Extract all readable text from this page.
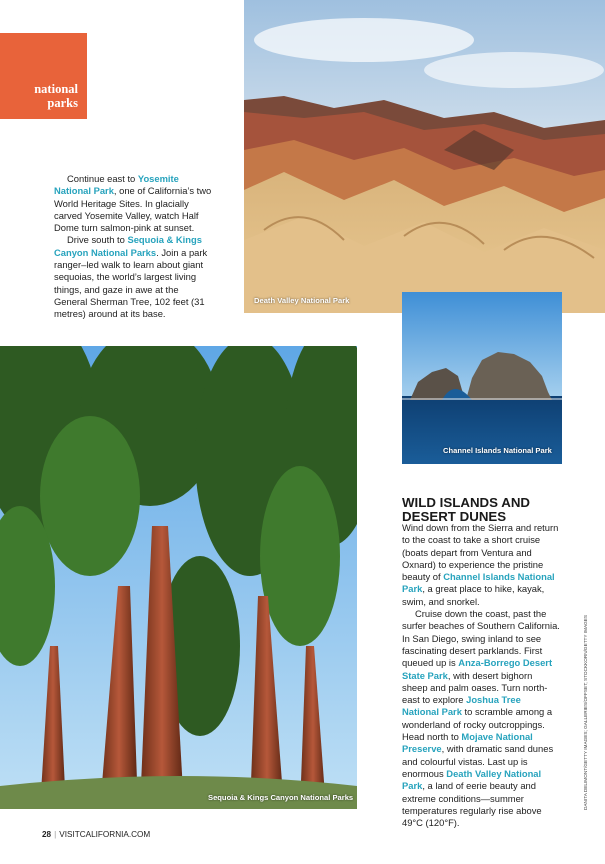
national
parks

Continue east to Yosemite National Park, one of California’s two World Heritage Sites. In glacially carved Yosemite Valley, watch Half Dome turn salmon-pink at sunset.

Drive south to Sequoia & Kings Canyon National Parks. Join a park ranger–led walk to learn about giant sequoias, the world’s largest living things, and gaze in awe at the General Sherman Tree, 102 feet (31 metres) around at its base.

Death Valley National Park
Channel Islands National Park
Sequoia & Kings Canyon National Parks
WILD ISLANDS AND DESERT DUNES

Wind down from the Sierra and return to the coast to take a short cruise (boats depart from Ventura and Oxnard) to experience the pristine beauty of Channel Islands National Park, a great place to hike, kayak, swim, and snorkel.

Cruise down the coast, past the surfer beaches of Southern California. In San Diego, swing inland to see fascinating desert parklands. First queued up is Anza-Borrego Desert State Park, with desert bighorn sheep and palm oases. Turn north-east to explore Joshua Tree National Park to scramble among a wonderland of rocky outcroppings. Head north to Mojave National Preserve, with dramatic sand dunes and colourful vistas. Last up is enormous Death Valley National Park, a land of eerie beauty and extreme conditions—summer temperatures regularly rise above 49°C (120°F).

DANITA DELIMONT/GETTY IMAGES; GALLERIES/OFFSET; STOCKKORN/GETTY IMAGES
28 | VISITCALIFORNIA.COM
